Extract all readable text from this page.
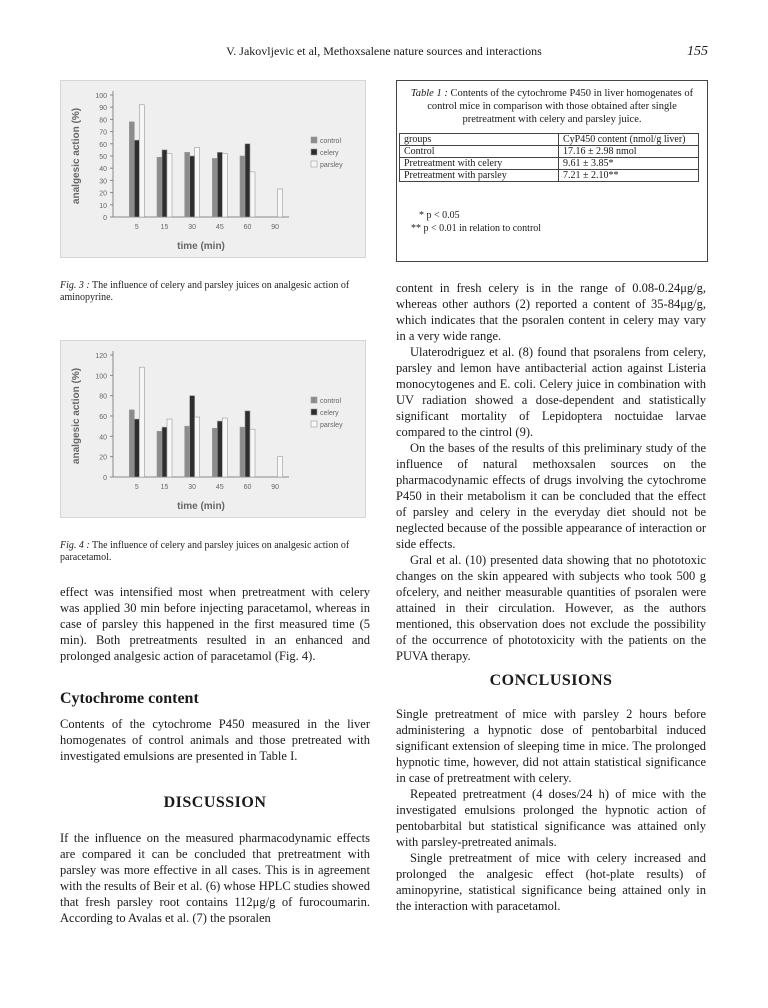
V. Jakovljevic et al, Methoxsalene nature sources and interactions	155
0
10
20
30
40
50
60
70
80
90
100
analgesic action (%)
5	15	30	45	60	90
time (min)
control
celery
parsley
Fig. 3 : The influence of celery and parsley juices on analgesic action of aminopyrine.
0
20
40
60
80
100
120
analgesic action (%)
5	15	30	45	60	90
time (min)
control
celery
parsley
Fig. 4 : The influence of celery and parsley juices on analgesic action of paracetamol.

effect was intensified most when pretreatment with celery was applied 30 min before injecting paracetamol, whereas in case of parsley this happened in the first measured time (5 min). Both pretreatments resulted in an enhanced and prolonged analgesic action of paracetamol (Fig. 4).

Cytochrome content

Contents of the cytochrome P450 measured in the liver homogenates of control animals and those pretreated with investigated emulsions are presented in Table I.

DISCUSSION

If the influence on the measured pharmacodynamic effects are compared it can be concluded that pretreatment with parsley was more effective in all cases. This is in agreement with the results of Beir et al. (6) whose HPLC studies showed that fresh parsley root contains 112μg/g of furocoumarin. According to Avalas et al. (7) the psoralen

Table 1 : Contents of the cytochrome P450 in liver homogenates of control mice in comparison with those obtained after single pretreatment with celery and parsley juice.
groups	CyP450 content (nmol/g liver)
Control	17.16 ± 2.98 nmol
Pretreatment with celery	9.61 ± 3.85*
Pretreatment with parsley	7.21 ± 2.10**
* p < 0.05
** p < 0.01 in relation to control

content in fresh celery is in the range of 0.08-0.24μg/g, whereas other authors (2) reported a content of 35-84μg/g, which indicates that the psoralen content in celery may vary in a very wide range.

Ulaterodriguez et al. (8) found that psoralens from celery, parsley and lemon have antibacterial action against Listeria monocytogenes and E. coli. Celery juice in combination with UV radiation showed a dose-dependent and statistically significant mortality of Lepidoptera noctuidae larvae compared to the cintrol (9).

On the bases of the results of this preliminary study of the influence of natural methoxsalen sources on the pharmacodynamic effects of drugs involving the cytochrome P450 in their metabolism it can be concluded that the effect of parsley and celery in the everyday diet should not be neglected because of the possible appearance of interaction or side effects.

Gral et al. (10) presented data showing that no phototoxic changes on the skin appeared with subjects who took 500 g ofcelery, and neither measurable quantities of psoralen were attained in their circulation. However, as the authors mentioned, this observation does not exclude the possibility of the occurrence of phototoxicity with the patients on the PUVA therapy.

CONCLUSIONS

Single pretreatment of mice with parsley 2 hours before administering a hypnotic dose of pentobarbital induced significant extension of sleeping time in mice. The prolonged hypnotic time, however, did not attain statistical significance in case of pretreatment with celery.

Repeated pretreatment (4 doses/24 h) of mice with the investigated emulsions prolonged the hypnotic action of pentobarbital but statistical significance was attained only with parsley-pretreated animals.

Single pretreatment of mice with celery increased and prolonged the analgesic effect (hot-plate results) of aminopyrine, statistical significance being attained only in the interaction with paracetamol.
